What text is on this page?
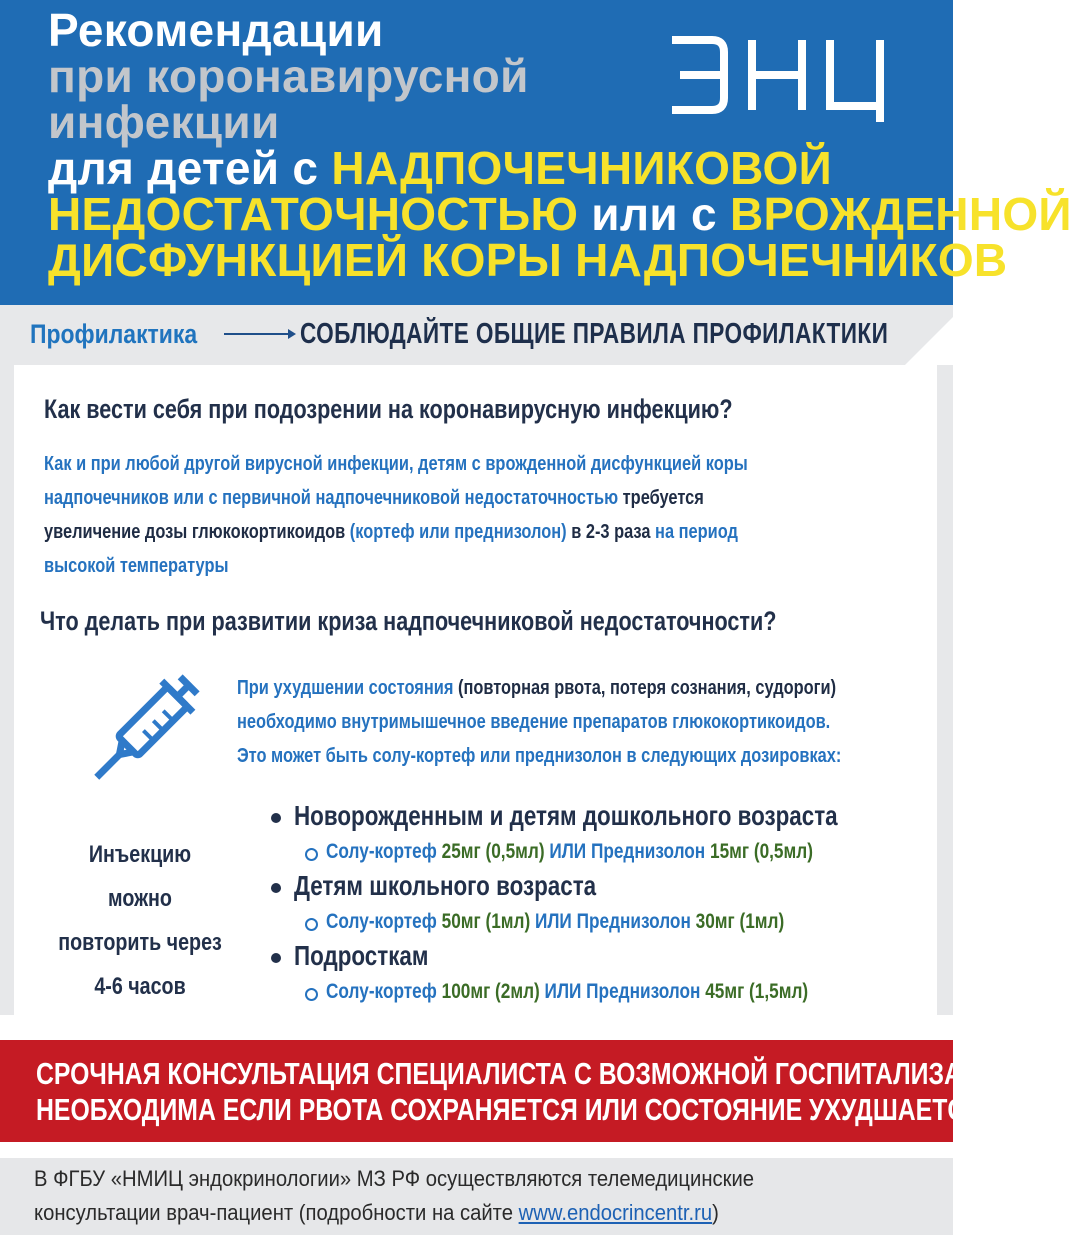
Рекомендации
при коронавирусной
инфекции
для детей с НАДПОЧЕЧНИКОВОЙ
НЕДОСТАТОЧНОСТЬЮ или с ВРОЖДЕННОЙ
ДИСФУНКЦИЕЙ КОРЫ НАДПОЧЕЧНИКОВ
Профилактика	СОБЛЮДАЙТЕ ОБЩИЕ ПРАВИЛА ПРОФИЛАКТИКИ
Как вести себя при подозрении на коронавирусную инфекцию?
Как и при любой другой вирусной инфекции, детям с врожденной дисфункцией коры
надпочечников или с первичной надпочечниковой недостаточностью требуется
увеличение дозы глюкокортикоидов (кортеф или преднизолон) в 2-3 раза на период
высокой температуры
Что делать при развитии криза надпочечниковой недостаточности?
При ухудшении состояния (повторная рвота, потеря сознания, судороги)
необходимо внутримышечное введение препаратов глюкокортикоидов.
Это может быть солу-кортеф или преднизолон в следующих дозировках:
Инъекцию можно
повторить через
4-6 часов
Новорожденным и детям дошкольного возраста
Солу-кортеф 25мг (0,5мл) ИЛИ Преднизолон 15мг (0,5мл)
Детям школьного возраста
Солу-кортеф 50мг (1мл) ИЛИ Преднизолон 30мг (1мл)
Подросткам
Солу-кортеф 100мг (2мл) ИЛИ Преднизолон 45мг (1,5мл)
СРОЧНАЯ КОНСУЛЬТАЦИЯ СПЕЦИАЛИСТА С ВОЗМОЖНОЙ ГОСПИТАЛИЗАЦИЕЙ
НЕОБХОДИМА ЕСЛИ РВОТА СОХРАНЯЕТСЯ ИЛИ СОСТОЯНИЕ УХУДШАЕТСЯ
В ФГБУ «НМИЦ эндокринологии» МЗ РФ осуществляются телемедицинские
консультации врач-пациент (подробности на сайте www.endocrincentr.ru)
